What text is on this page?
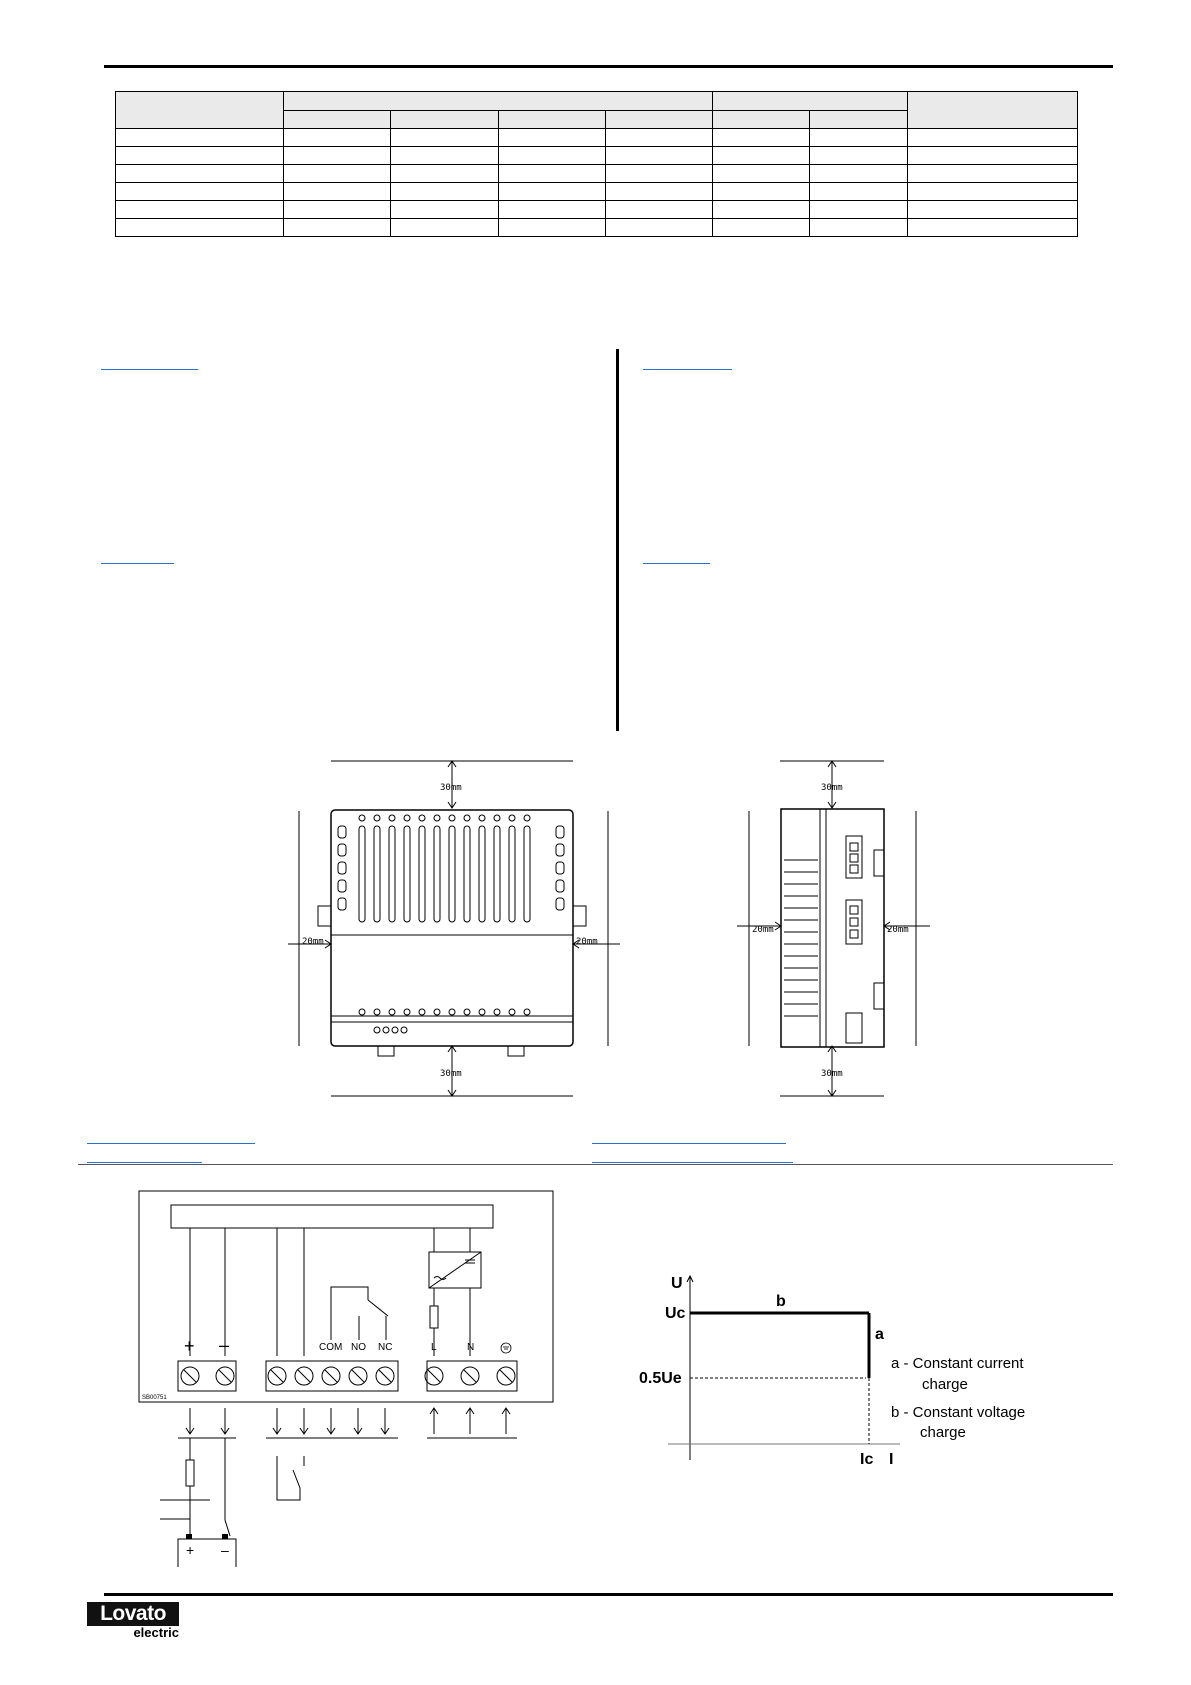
30mm
30mm
20mm	20mm
30mm
30mm
20mm	20mm
+ –	COM NO NC	L	N
SB00751
+ –
U
Uc
0.5Ue
Ic I
b
a
a - Constant current
charge
b - Constant voltage
charge
Lovato
electric
